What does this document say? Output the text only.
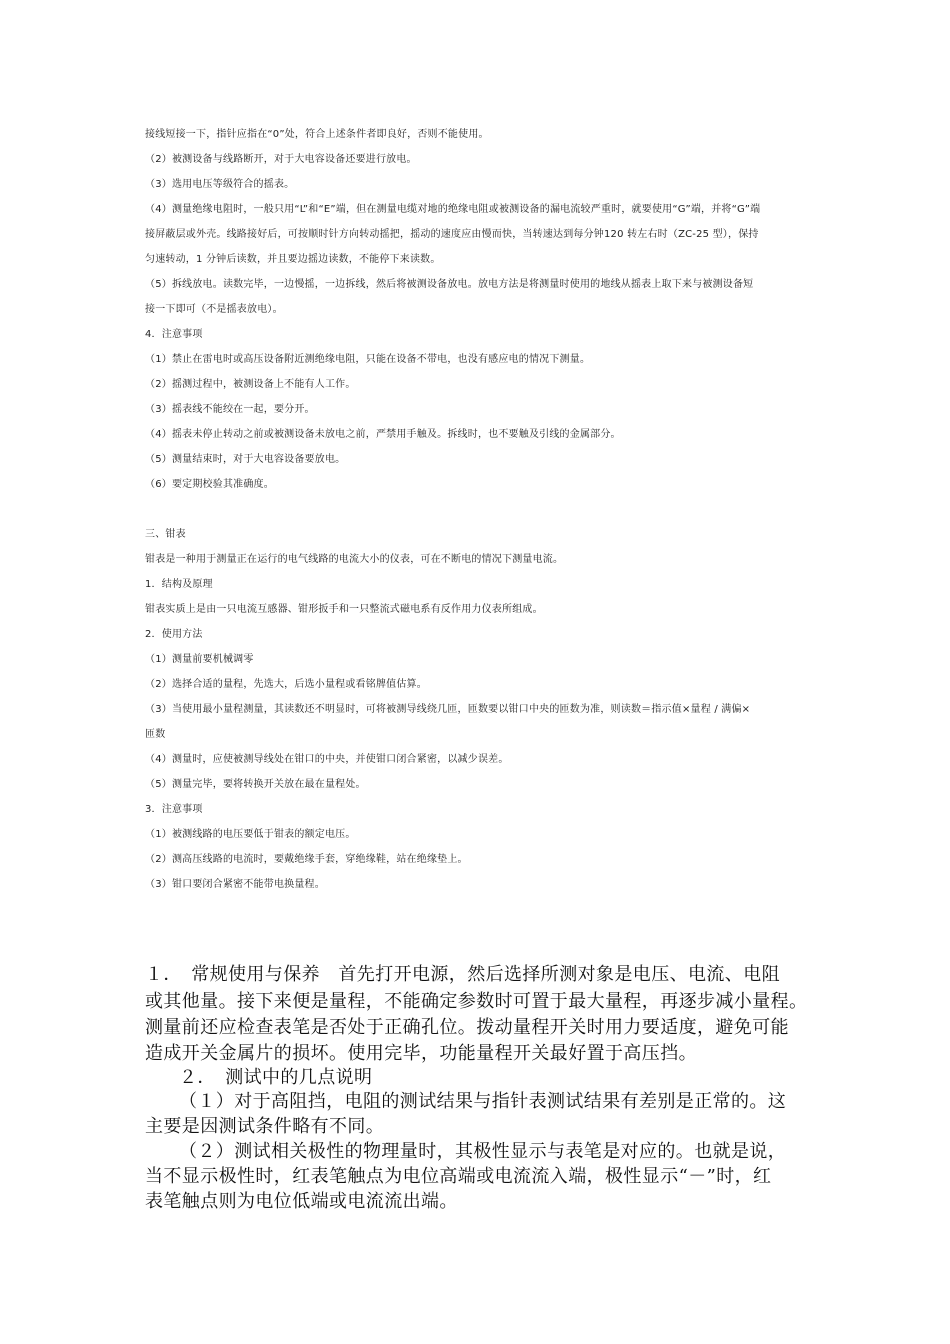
接线短接一下，指针应指在“0”处，符合上述条件者即良好，否则不能使用。
（2）被测设备与线路断开，对于大电容设备还要进行放电。
（3）选用电压等级符合的摇表。
（4）测量绝缘电阻时，一般只用“L”和“E”端，但在测量电缆对地的绝缘电阻或被测设备的漏电流较严重时，就要使用“G”端，并将“G”端
接屏蔽层或外壳。线路接好后，可按顺时针方向转动摇把，摇动的速度应由慢而快，当转速达到每分钟120 转左右时（ZC-25 型），保持
匀速转动，1 分钟后读数，并且要边摇边读数，不能停下来读数。
（5）拆线放电。读数完毕，一边慢摇，一边拆线，然后将被测设备放电。放电方法是将测量时使用的地线从摇表上取下来与被测设备短
接一下即可（不是摇表放电）。
4．注意事项
（1）禁止在雷电时或高压设备附近测绝缘电阻，只能在设备不带电，也没有感应电的情况下测量。
（2）摇测过程中，被测设备上不能有人工作。
（3）摇表线不能绞在一起，要分开。
（4）摇表未停止转动之前或被测设备未放电之前，严禁用手触及。拆线时，也不要触及引线的金属部分。
（5）测量结束时，对于大电容设备要放电。
（6）要定期校验其准确度。
三、钳表
钳表是一种用于测量正在运行的电气线路的电流大小的仪表，可在不断电的情况下测量电流。
1．结构及原理
钳表实质上是由一只电流互感器、钳形扳手和一只整流式磁电系有反作用力仪表所组成。
2．使用方法
（1）测量前要机械调零
（2）选择合适的量程，先选大，后选小量程或看铭牌值估算。
（3）当使用最小量程测量，其读数还不明显时，可将被测导线绕几匝，匝数要以钳口中央的匝数为准，则读数＝指示值×量程 / 满偏×
匝数
（4）测量时，应使被测导线处在钳口的中央，并使钳口闭合紧密，以减少误差。
（5）测量完毕，要将转换开关放在最在量程处。
3．注意事项
（1）被测线路的电压要低于钳表的额定电压。
（2）测高压线路的电流时，要戴绝缘手套，穿绝缘鞋，站在绝缘垫上。
（3）钳口要闭合紧密不能带电换量程。
１．　常规使用与保养　首先打开电源，然后选择所测对象是电压、电流、电阻
或其他量。接下来便是量程，不能确定参数时可置于最大量程，再逐步减小量程。
测量前还应检查表笔是否处于正确孔位。拨动量程开关时用力要适度，避免可能
造成开关金属片的损坏。使用完毕，功能量程开关最好置于高压挡。
２．　测试中的几点说明
（１）对于高阻挡，电阻的测试结果与指针表测试结果有差别是正常的。这
主要是因测试条件略有不同。
（２）测试相关极性的物理量时，其极性显示与表笔是对应的。也就是说，
当不显示极性时，红表笔触点为电位高端或电流流入端，极性显示“－”时，红
表笔触点则为电位低端或电流流出端。
